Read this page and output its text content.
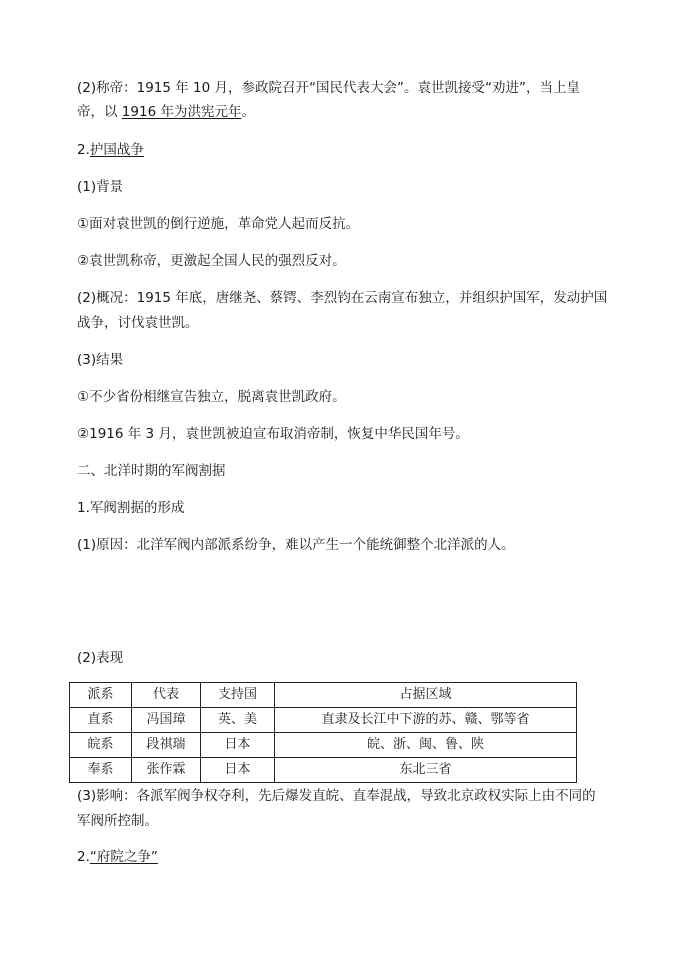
(2)称帝：1915 年 10 月，参政院召开“国民代表大会”。袁世凯接受“劝进”，当上皇
帝，以 1916 年为洪宪元年。
2.护国战争
(1)背景
①面对袁世凯的倒行逆施，革命党人起而反抗。
②袁世凯称帝，更激起全国人民的强烈反对。
(2)概况：1915 年底，唐继尧、蔡锷、李烈钧在云南宣布独立，并组织护国军，发动护国
战争，讨伐袁世凯。
(3)结果
①不少省份相继宣告独立，脱离袁世凯政府。
②1916 年 3 月，袁世凯被迫宣布取消帝制，恢复中华民国年号。
二、北洋时期的军阀割据
1.军阀割据的形成
(1)原因：北洋军阀内部派系纷争，难以产生一个能统御整个北洋派的人。
(2)表现
派系	代表	支持国	占据区域
直系	冯国璋	英、美	直隶及长江中下游的苏、赣、鄂等省
皖系	段祺瑞	日本	皖、浙、闽、鲁、陕
奉系	张作霖	日本	东北三省
(3)影响：各派军阀争权夺利，先后爆发直皖、直奉混战，导致北京政权实际上由不同的
军阀所控制。
2.“府院之争”
